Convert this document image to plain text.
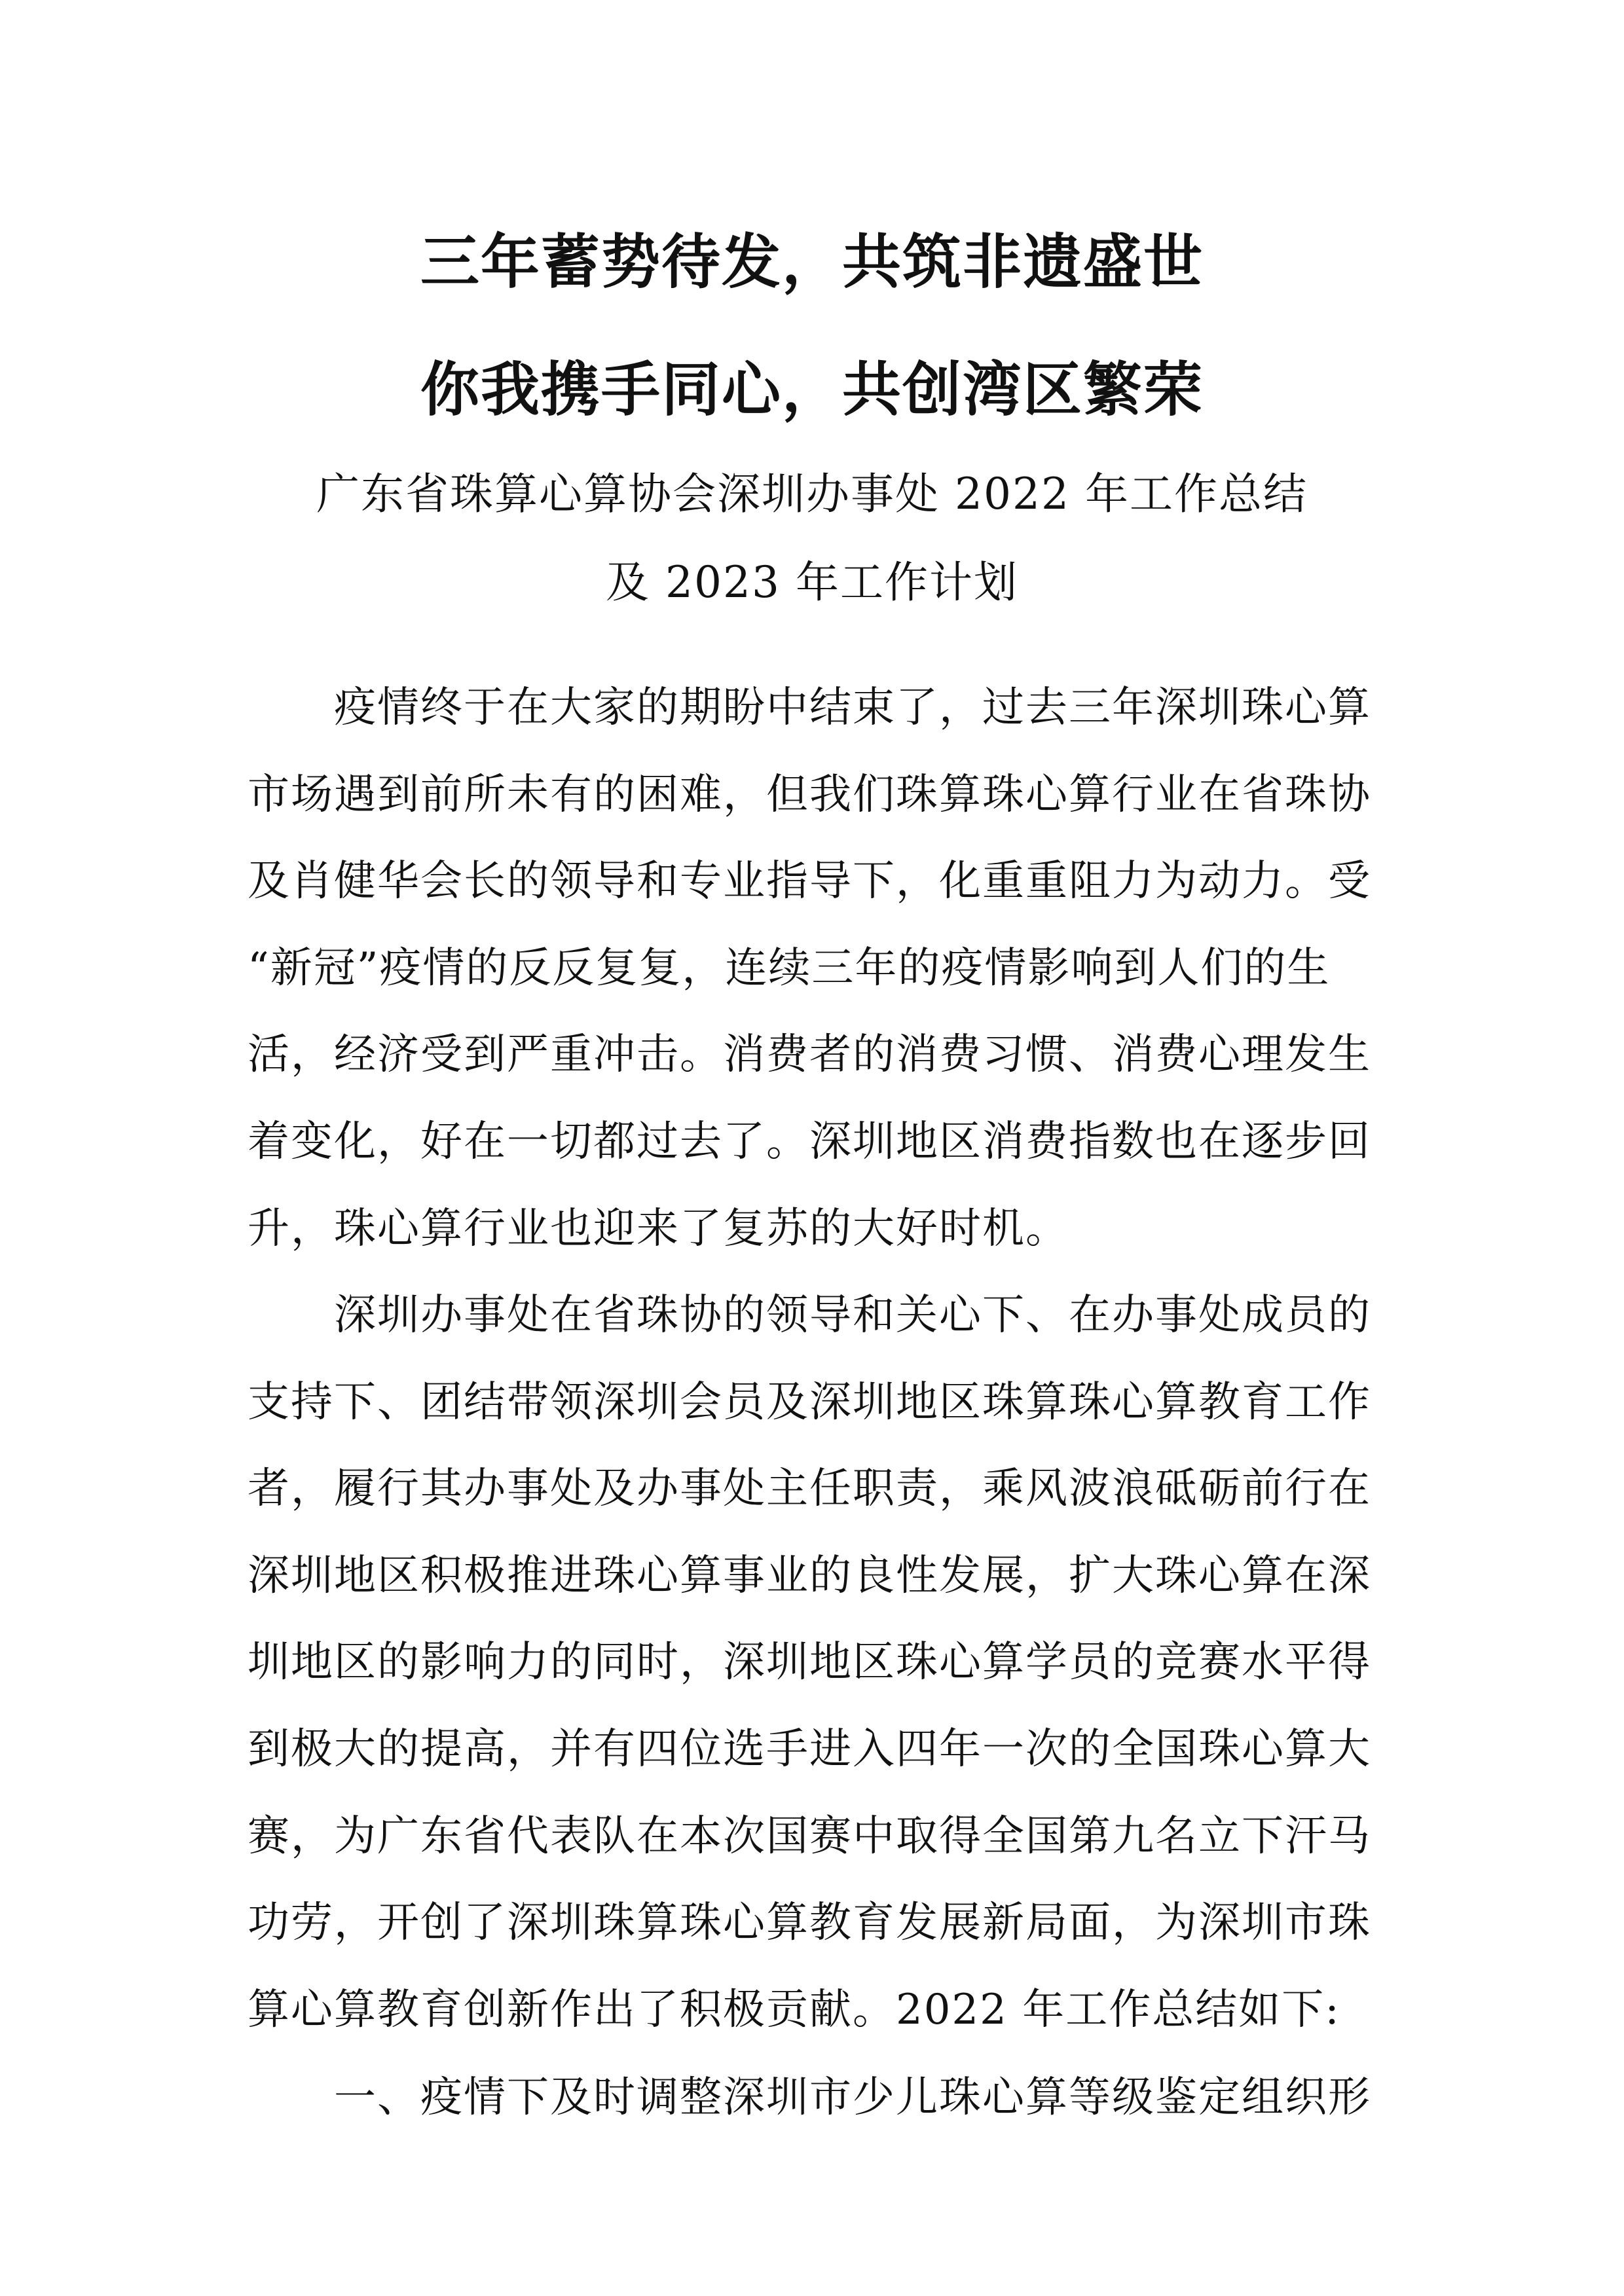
三年蓄势待发，共筑非遗盛世
你我携手同心，共创湾区繁荣
广东省珠算心算协会深圳办事处 2022 年工作总结
及 2023 年工作计划

　　疫情终于在大家的期盼中结束了，过去三年深圳珠心算
市场遇到前所未有的困难，但我们珠算珠心算行业在省珠协
及肖健华会长的领导和专业指导下，化重重阻力为动力。受
“新冠”疫情的反反复复，连续三年的疫情影响到人们的生
活，经济受到严重冲击。消费者的消费习惯、消费心理发生
着变化，好在一切都过去了。深圳地区消费指数也在逐步回
升，珠心算行业也迎来了复苏的大好时机。

　　深圳办事处在省珠协的领导和关心下、在办事处成员的
支持下、团结带领深圳会员及深圳地区珠算珠心算教育工作
者，履行其办事处及办事处主任职责，乘风波浪砥砺前行在
深圳地区积极推进珠心算事业的良性发展，扩大珠心算在深
圳地区的影响力的同时，深圳地区珠心算学员的竞赛水平得
到极大的提高，并有四位选手进入四年一次的全国珠心算大
赛，为广东省代表队在本次国赛中取得全国第九名立下汗马
功劳，开创了深圳珠算珠心算教育发展新局面，为深圳市珠
算心算教育创新作出了积极贡献。2022 年工作总结如下:

一、疫情下及时调整深圳市少儿珠心算等级鉴定组织形
